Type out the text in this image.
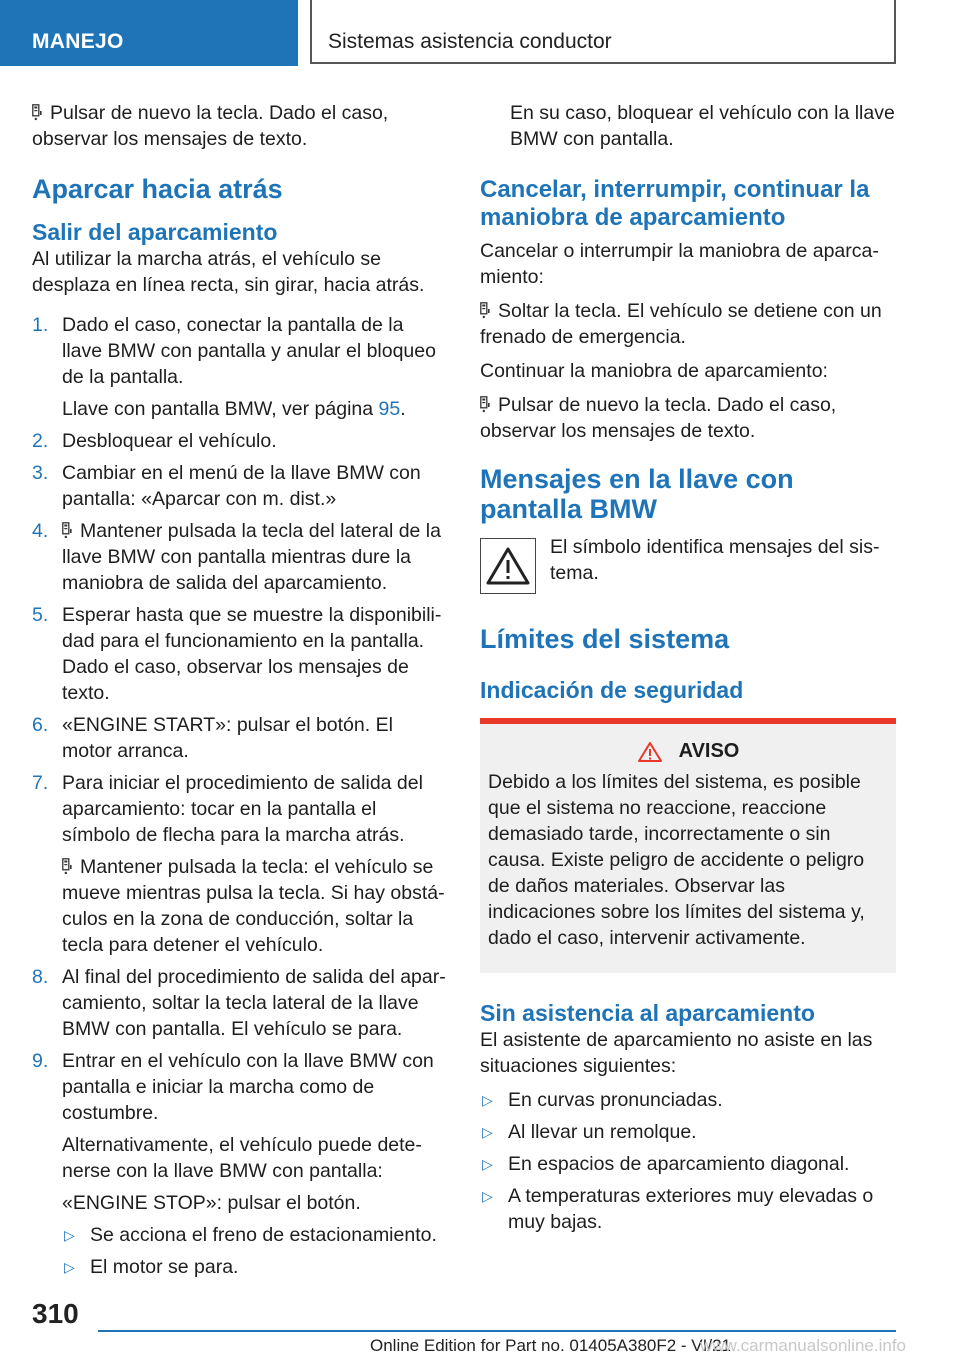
MANEJO	Sistemas asistencia conductor

Pulsar de nuevo la tecla. Dado el caso, observar los mensajes de texto.

Aparcar hacia atrás
Salir del aparcamiento

Al utilizar la marcha atrás, el vehículo se desplaza en línea recta, sin girar, hacia atrás.

1. Dado el caso, conectar la pantalla de la llave BMW con pantalla y anular el bloqueo de la pantalla.

Llave con pantalla BMW, ver página 95.

2. Desbloquear el vehículo.
3. Cambiar en el menú de la llave BMW con pantalla: «Aparcar con m. dist.»
4. Mantener pulsada la tecla del lateral de la llave BMW con pantalla mientras dure la maniobra de salida del aparcamiento.
5. Esperar hasta que se muestre la disponibilidad para el funcionamiento en la pantalla. Dado el caso, observar los mensajes de texto.
6. «ENGINE START»: pulsar el botón. El motor arranca.
7. Para iniciar el procedimiento de salida del aparcamiento: tocar en la pantalla el símbolo de flecha para la marcha atrás.

Mantener pulsada la tecla: el vehículo se mueve mientras pulsa la tecla. Si hay obstáculos en la zona de conducción, soltar la tecla para detener el vehículo.

8. Al final del procedimiento de salida del aparcamiento, soltar la tecla lateral de la llave BMW con pantalla. El vehículo se para.
9. Entrar en el vehículo con la llave BMW con pantalla e iniciar la marcha como de costumbre.

Alternativamente, el vehículo puede detenerse con la llave BMW con pantalla:

«ENGINE STOP»: pulsar el botón.

▷ Se acciona el freno de estacionamiento.
▷ El motor se para.

En su caso, bloquear el vehículo con la llave BMW con pantalla.

Cancelar, interrumpir, continuar la maniobra de aparcamiento

Cancelar o interrumpir la maniobra de aparcamiento:

Soltar la tecla. El vehículo se detiene con un frenado de emergencia.

Continuar la maniobra de aparcamiento:

Pulsar de nuevo la tecla. Dado el caso, observar los mensajes de texto.

Mensajes en la llave con pantalla BMW

El símbolo identifica mensajes del sistema.

Límites del sistema
Indicación de seguridad
AVISO

Debido a los límites del sistema, es posible que el sistema no reaccione, reaccione demasiado tarde, incorrectamente o sin causa. Existe peligro de accidente o peligro de daños materiales. Observar las indicaciones sobre los límites del sistema y, dado el caso, intervenir activamente.

Sin asistencia al aparcamiento

El asistente de aparcamiento no asiste en las situaciones siguientes:

▷ En curvas pronunciadas.
▷ Al llevar un remolque.
▷ En espacios de aparcamiento diagonal.
▷ A temperaturas exteriores muy elevadas o muy bajas.
310
Online Edition for Part no. 01405A380F2 - VI/21
www.carmanualsonline.info
